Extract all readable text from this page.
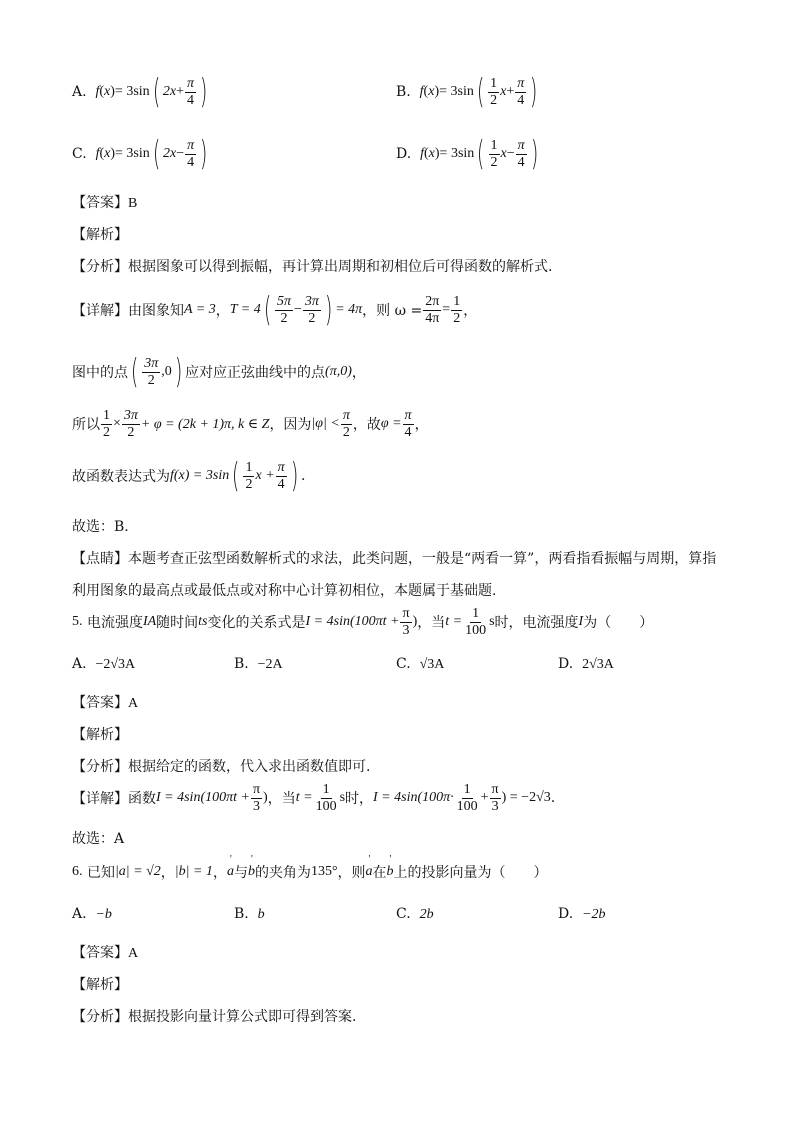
A.
f ( x ) = 3sin ( $2x + \frac{\pi}{4}$ )	B.
f ( x ) = 3sin ( $\frac{1}{2}$ $x + \frac{\pi}{4}$ )
C.
f ( x ) = 3sin ( $2x - \frac{\pi}{4}$ )	D.
f ( x ) = 3sin ( $\frac{1}{2}$ $x - \frac{\pi}{4}$ )
【答案】B
【解析】
【分析】根据图象可以得到振幅，再计算出周期和初相位后可得函数的解析式.
【详解】 由图象知 A = 3 ， T = 4 ( $\frac{5\pi}{2} - \frac{3\pi}{2}$ ) = 4π ，则 $\omega = \frac{2\pi}{4\pi} = \frac{1}{2}$ ，
图中的点 ( $\frac{3\pi}{2} ,0$ ) 应对应正弦曲线中的点 (π,0) ，
所以 $\frac{1}{2} \times \frac{3\pi}{2} + \varphi = (2k + 1)\pi$, k ∈ Z ，因为 $|\varphi| < \frac{\pi}{2}$ ，故 $\varphi = \frac{\pi}{4}$ ，
故函数表达式为 f(x) = 3sin ( $\frac{1}{2}$ $x + \frac{\pi}{4}$ ) .
故选：B.
【点睛】本题考查正弦型函数解析式的求法，此类问题，一般是“两看一算”，两看指看振幅与周期，算指
利用图象的最高点或最低点或对称中心计算初相位，本题属于基础题.
5.
电流强度 IA 随时间 ts 变化的关系式是 $I = 4\sin(100\pi t + \frac{\pi}{3}$ ) ，当 $t = \frac{1}{100}$ s 时，电流强度 I 为（　　）
A. −2√3A	B. −2A	C. √3A	D. 2√3A
【答案】A
【解析】
【分析】根据给定的函数，代入求出函数值即可.
【详解】 函数 $I = 4\sin(100\pi t + \frac{\pi}{3}$ ) ，当 $t = \frac{1}{100}$ s 时， $I = 4\sin(100\pi\cdot \frac{1}{100} + \frac{\pi}{3}$ ) = −2√3 .
故选：A
6.
已知 |a| = √2 ， |b| = 1 ， ' a 与 ' b 的夹角为 135° ，则 ' a 在 ' b 上的投影向量为（　　）
A. −b	B. b	C. 2b	D. −2b
【答案】A
【解析】
【分析】根据投影向量计算公式即可得到答案.
